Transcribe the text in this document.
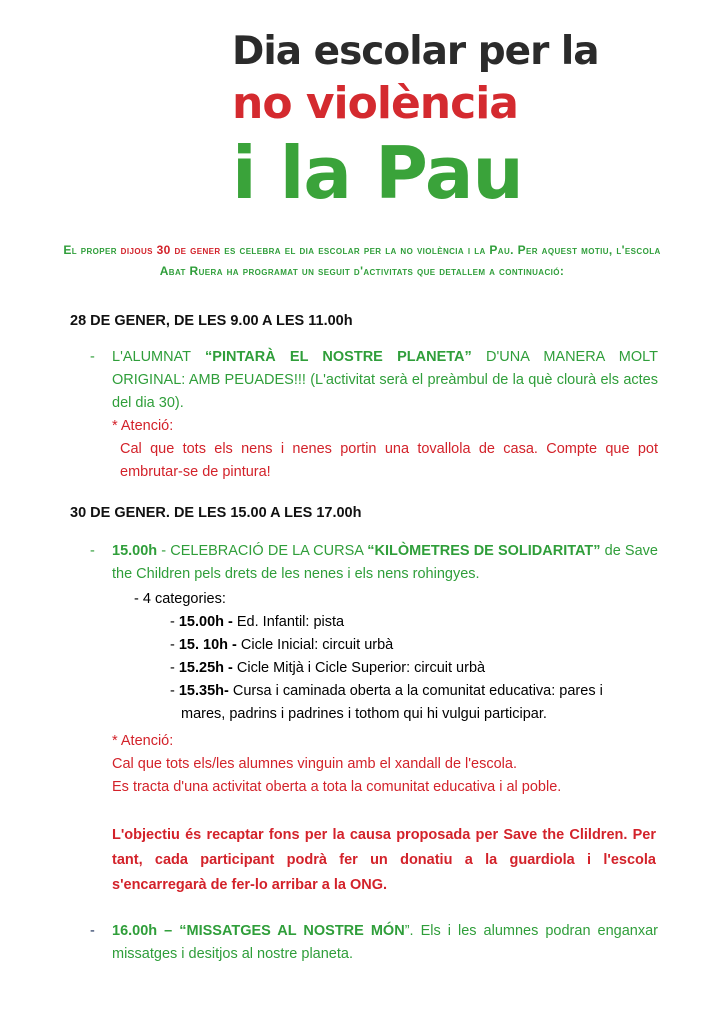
Dia escolar per la
no violència
i la Pau
El proper dijous 30 de gener es celebra el dia escolar per la no violència i la Pau. Per aquest motiu, l'escola Abat Ruera ha programat un seguit d'activitats que detallem a continuació:
28 DE GENER, DE LES 9.00 A LES 11.00h
- L'ALUMNAT “PINTARÀ EL NOSTRE PLANETA” D'UNA MANERA MOLT ORIGINAL: AMB PEUADES!!! (L'activitat serà el preàmbul de la què clourà els actes del dia 30).
* Atenció:
Cal que tots els nens i nenes portin una tovallola de casa. Compte que pot embrutar-se de pintura!
30 DE GENER. DE LES 15.00 A LES 17.00h
- 15.00h - CELEBRACIÓ DE LA CURSA “KILÒMETRES DE SOLIDARITAT” de Save the Children pels drets de les nenes i els nens rohingyes.
- 4 categories:
- 15.00h - Ed. Infantil: pista
- 15. 10h - Cicle Inicial: circuit urbà
- 15.25h - Cicle Mitjà i Cicle Superior: circuit urbà
- 15.35h- Cursa i caminada oberta a la comunitat educativa: pares i mares, padrins i padrines i tothom qui hi vulgui participar.
* Atenció:
Cal que tots els/les alumnes vinguin amb el xandall de l'escola.
Es tracta d'una activitat oberta a tota la comunitat educativa i al poble.
L'objectiu és recaptar fons per la causa proposada per Save the Clildren. Per tant, cada participant podrà fer un donatiu a la guardiola i l'escola s'encarregarà de fer-lo arribar a la ONG.
- 16.00h – “MISSATGES AL NOSTRE MÓN”. Els i les alumnes podran enganxar missatges i desitjos al nostre planeta.
